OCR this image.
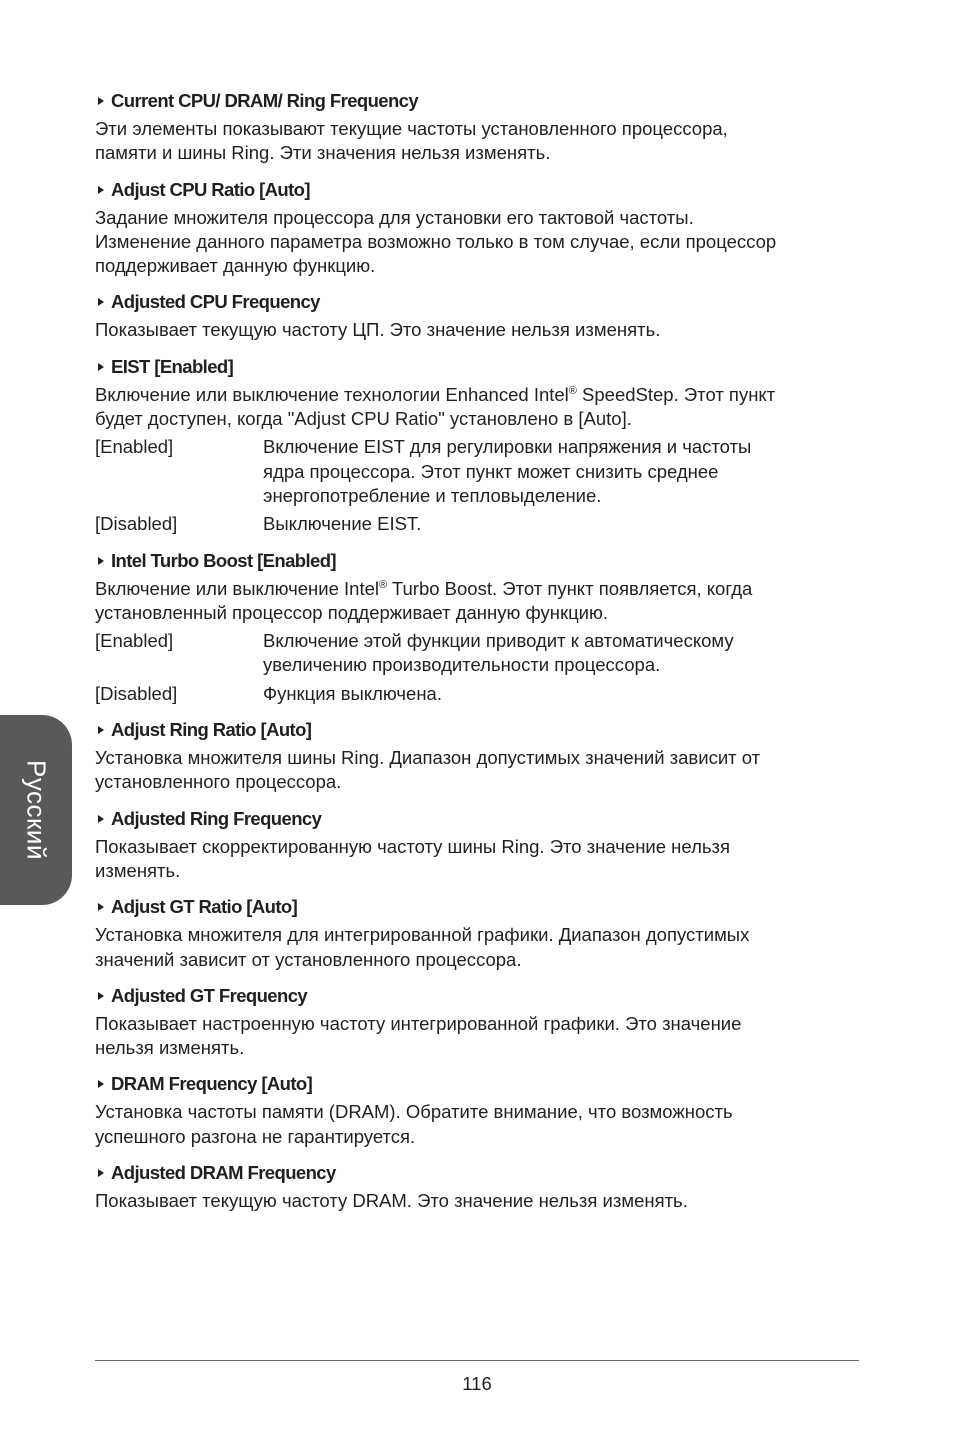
Русский
Current CPU/ DRAM/ Ring Frequency

Эти элементы показывают текущие частоты установленного процессора,
памяти и шины Ring. Эти значения нельзя изменять.

Adjust CPU Ratio [Auto]

Задание множителя процессора для установки его тактовой частоты.
Изменение данного параметра возможно только в том случае, если процессор
поддерживает данную функцию.

Adjusted CPU Frequency

Показывает текущую частоту ЦП. Это значение нельзя изменять.

EIST [Enabled]

Включение или выключение технологии Enhanced Intel® SpeedStep. Этот пункт
будет доступен, когда "Adjust CPU Ratio" установлено в [Auto].

[Enabled]	Включение EIST для регулировки напряжения и частоты
ядра процессора. Этот пункт может снизить среднее
энергопотребление и тепловыделение.
[Disabled]	Выключение EIST.
Intel Turbo Boost [Enabled]

Включение или выключение Intel® Turbo Boost. Этот пункт появляется, когда
установленный процессор поддерживает данную функцию.

[Enabled]	Включение этой функции приводит к автоматическому
увеличению производительности процессора.
[Disabled]	Функция выключена.
Adjust Ring Ratio [Auto]

Установка множителя шины Ring. Диапазон допустимых значений зависит от
установленного процессора.

Adjusted Ring Frequency

Показывает скорректированную частоту шины Ring. Это значение нельзя
изменять.

Adjust GT Ratio [Auto]

Установка множителя для интегрированной графики. Диапазон допустимых
значений зависит от установленного процессора.

Adjusted GT Frequency

Показывает настроенную частоту интегрированной графики. Это значение
нельзя изменять.

DRAM Frequency [Auto]

Установка частоты памяти (DRAM). Обратите внимание, что возможность
успешного разгона не гарантируется.

Adjusted DRAM Frequency

Показывает текущую частоту DRAM. Это значение нельзя изменять.

116
